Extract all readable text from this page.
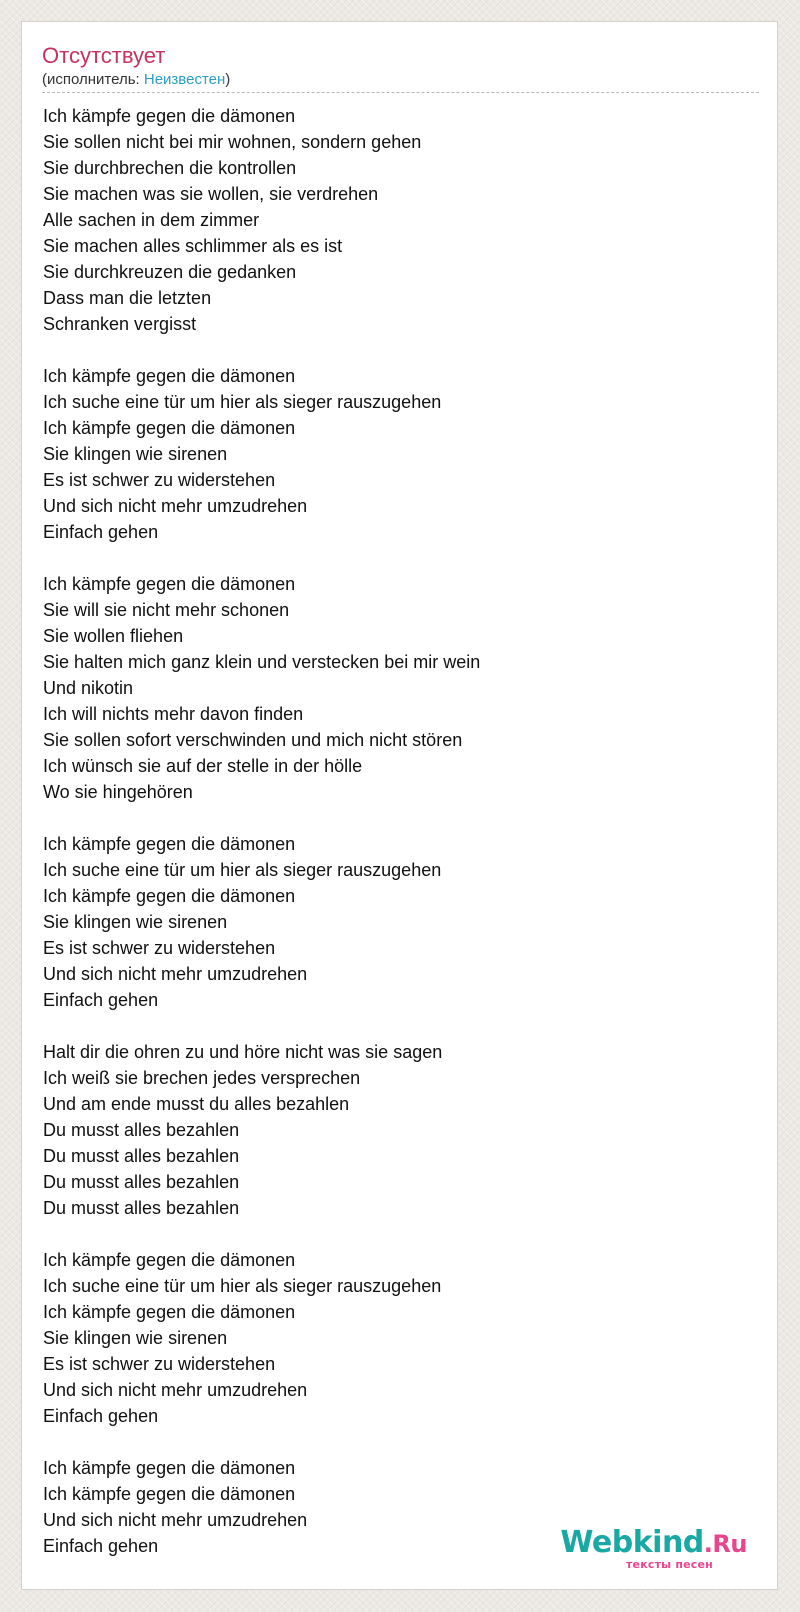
Отсутствует
(исполнитель: Неизвестен)
Ich kämpfe gegen die dämonen
Sie sollen nicht bei mir wohnen, sondern gehen
Sie durchbrechen die kontrollen
Sie machen was sie wollen, sie verdrehen
Alle sachen in dem zimmer
Sie machen alles schlimmer als es ist
Sie durchkreuzen die gedanken
Dass man die letzten
Schranken vergisst
Ich kämpfe gegen die dämonen
Ich suche eine tür um hier als sieger rauszugehen
Ich kämpfe gegen die dämonen
Sie klingen wie sirenen
Es ist schwer zu widerstehen
Und sich nicht mehr umzudrehen
Einfach gehen
Ich kämpfe gegen die dämonen
Sie will sie nicht mehr schonen
Sie wollen fliehen
Sie halten mich ganz klein und verstecken bei mir wein
Und nikotin
Ich will nichts mehr davon finden
Sie sollen sofort verschwinden und mich nicht stören
Ich wünsch sie auf der stelle in der hölle
Wo sie hingehören
Ich kämpfe gegen die dämonen
Ich suche eine tür um hier als sieger rauszugehen
Ich kämpfe gegen die dämonen
Sie klingen wie sirenen
Es ist schwer zu widerstehen
Und sich nicht mehr umzudrehen
Einfach gehen
Halt dir die ohren zu und höre nicht was sie sagen
Ich weiß sie brechen jedes versprechen
Und am ende musst du alles bezahlen
Du musst alles bezahlen
Du musst alles bezahlen
Du musst alles bezahlen
Du musst alles bezahlen
Ich kämpfe gegen die dämonen
Ich suche eine tür um hier als sieger rauszugehen
Ich kämpfe gegen die dämonen
Sie klingen wie sirenen
Es ist schwer zu widerstehen
Und sich nicht mehr umzudrehen
Einfach gehen
Ich kämpfe gegen die dämonen
Ich kämpfe gegen die dämonen
Und sich nicht mehr umzudrehen
Einfach gehen	Webkind.Ru
тексты песен
